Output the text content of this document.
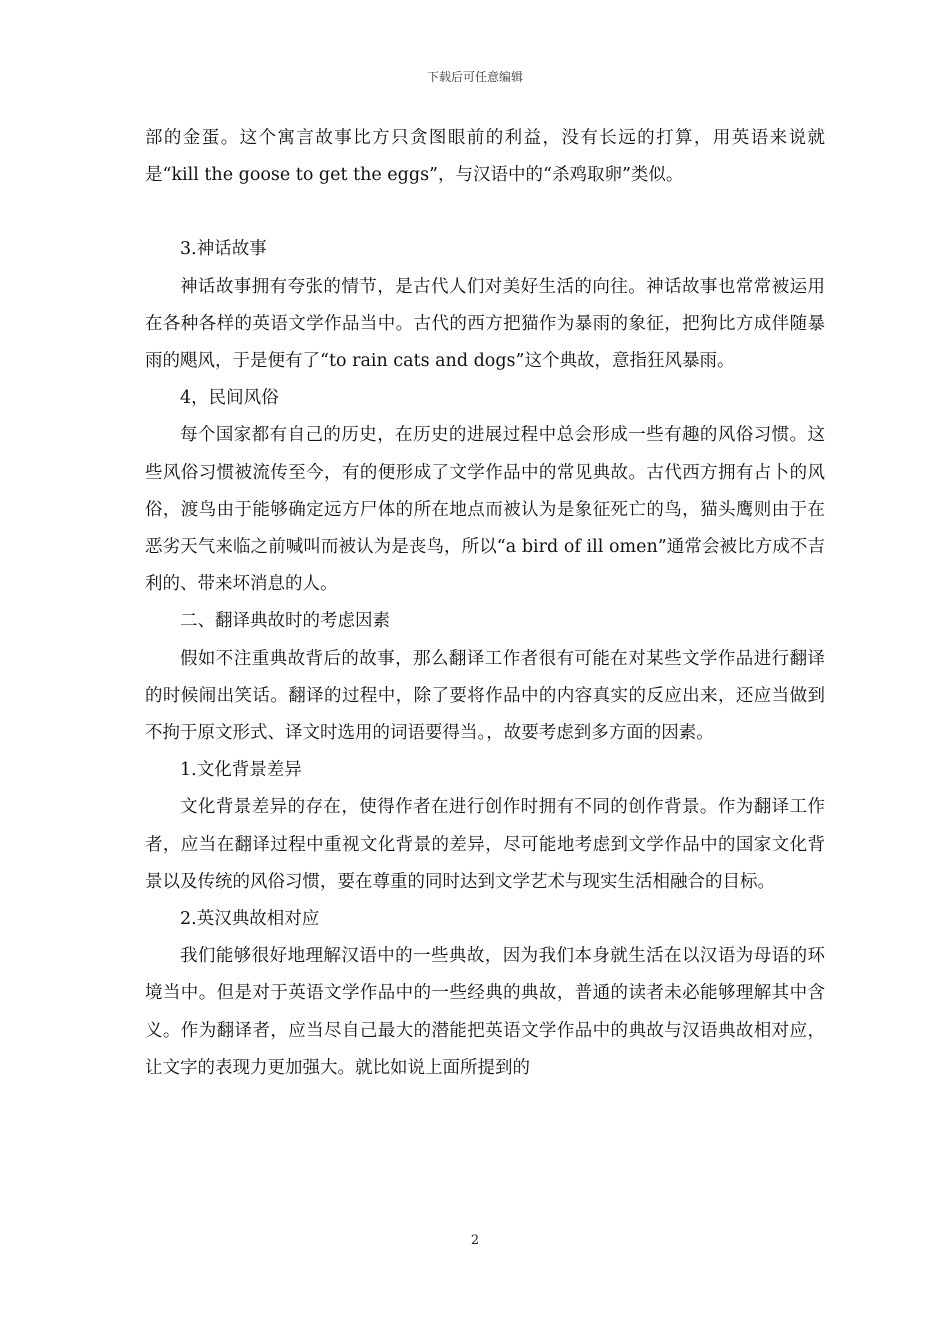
下载后可任意编辑

部的金蛋。这个寓言故事比方只贪图眼前的利益，没有长远的打算，用英语来说就是“kill the goose to get the eggs”，与汉语中的“杀鸡取卵”类似。

3.神话故事

神话故事拥有夸张的情节，是古代人们对美好生活的向往。神话故事也常常被运用在各种各样的英语文学作品当中。古代的西方把猫作为暴雨的象征，把狗比方成伴随暴雨的飓风，于是便有了“to rain cats and dogs”这个典故，意指狂风暴雨。

4，民间风俗

每个国家都有自己的历史，在历史的进展过程中总会形成一些有趣的风俗习惯。这些风俗习惯被流传至今，有的便形成了文学作品中的常见典故。古代西方拥有占卜的风俗，渡鸟由于能够确定远方尸体的所在地点而被认为是象征死亡的鸟，猫头鹰则由于在恶劣天气来临之前喊叫而被认为是丧鸟，所以“a bird of ill omen”通常会被比方成不吉利的、带来坏消息的人。

二、翻译典故时的考虑因素

假如不注重典故背后的故事，那么翻译工作者很有可能在对某些文学作品进行翻译的时候闹出笑话。翻译的过程中，除了要将作品中的内容真实的反应出来，还应当做到不拘于原文形式、译文时选用的词语要得当。，故要考虑到多方面的因素。

1.文化背景差异

文化背景差异的存在，使得作者在进行创作时拥有不同的创作背景。作为翻译工作者，应当在翻译过程中重视文化背景的差异，尽可能地考虑到文学作品中的国家文化背景以及传统的风俗习惯，要在尊重的同时达到文学艺术与现实生活相融合的目标。

2.英汉典故相对应

我们能够很好地理解汉语中的一些典故，因为我们本身就生活在以汉语为母语的环境当中。但是对于英语文学作品中的一些经典的典故，普通的读者未必能够理解其中含义。作为翻译者，应当尽自己最大的潜能把英语文学作品中的典故与汉语典故相对应，让文字的表现力更加强大。就比如说上面所提到的

2
